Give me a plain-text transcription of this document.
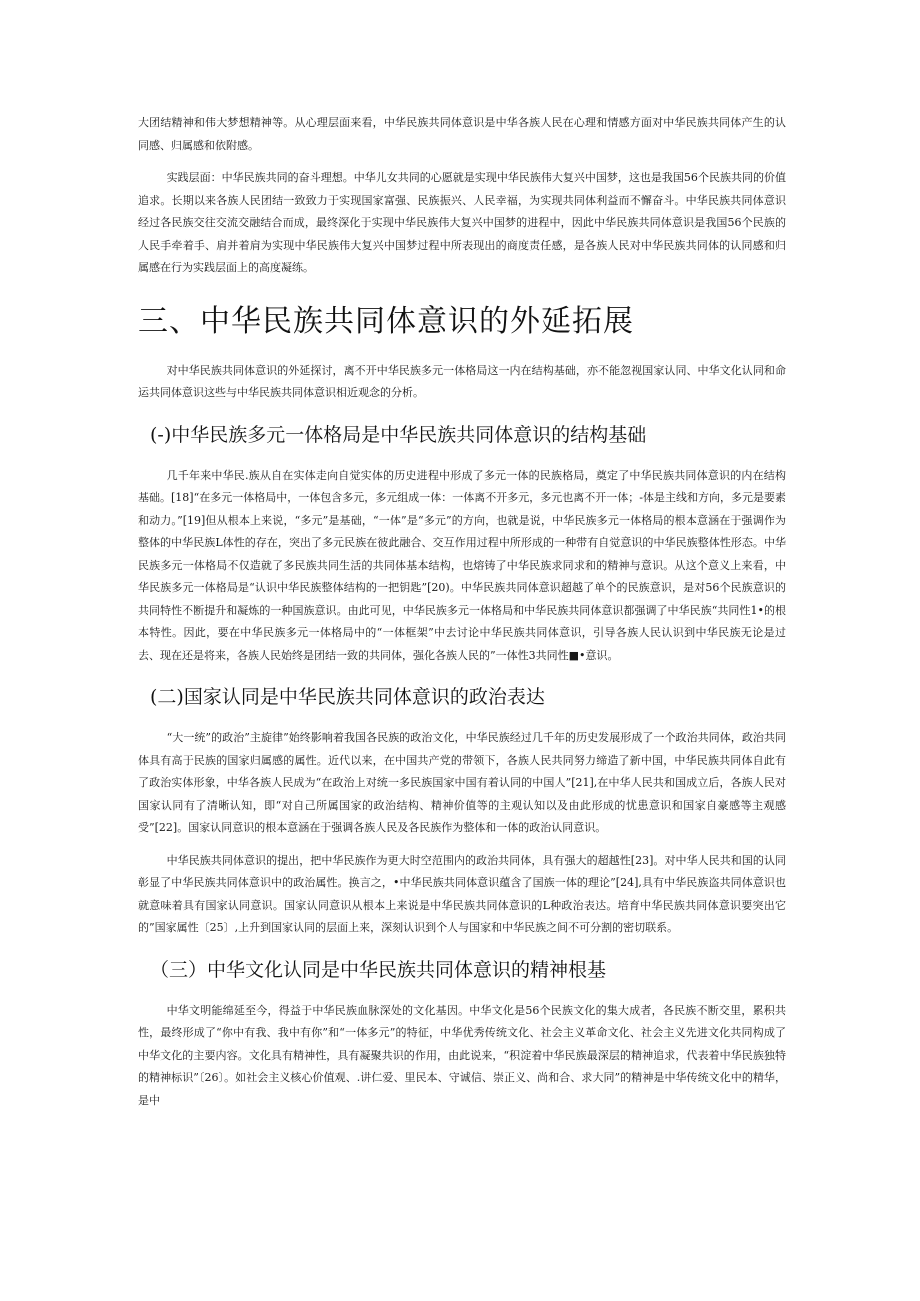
大团结精神和伟大梦想精神等。从心理层面来看，中华民族共同体意识是中华各族人民在心理和情感方面对中华民族共同体产生的认同感、归属感和依附感。

实践层面：中华民族共同的奋斗理想。中华儿女共同的心愿就是实现中华民族伟大复兴中国梦，这也是我国56个民族共同的价值追求。长期以来各族人民团结一致致力于实现国家富强、民族振兴、人民幸福，为实现共同体利益而不懈奋斗。中华民族共同体意识经过各民族交往交流交融结合而成，最终深化于实现中华民族伟大复兴中国梦的进程中，因此中华民族共同体意识是我国56个民族的人民手牵着手、肩并着肩为实现中华民族伟大复兴中国梦过程中所表现出的商度责任感，是各族人民对中华民族共同体的认同感和归属感在行为实践层面上的高度凝练。

三、中华民族共同体意识的外延拓展

对中华民族共同体意识的外延探讨，离不开中华民族多元一体格局这一内在结构基础，亦不能忽视国家认同、中华文化认同和命运共同体意识这些与中华民族共同体意识相近观念的分析。

(-)中华民族多元一体格局是中华民族共同体意识的结构基础

几千年来中华民.族从自在实体走向自觉实体的历史进程中形成了多元一体的民族格局，奠定了中华民族共同体意识的内在结构基础。[18]“在多元一体格局中，一体包含多元，多元组成一体：一体离不开多元，多元也离不开一体；-体是主线和方向，多元是要素和动力。”[19]但从根本上来说，“多元”是基础，“一体”是“多元”的方向，也就是说，中华民族多元一体格局的根本意涵在于强调作为整体的中华民族L体性的存在，突出了多元民族在彼此融合、交互作用过程中所形成的一种带有自觉意识的中华民族整体性形态。中华民族多元一体格局不仅造就了多民族共同生活的共同体基本结构，也熔铸了中华民族求同求和的精神与意识。从这个意义上来看，中华民族多元一体格局是“认识中华民族整体结构的一把钥匙”[20)。中华民族共同体意识超越了单个的民族意识，是对56个民族意识的共同特性不断提升和凝炼的一种国族意识。由此可见，中华民族多元一体格局和中华民族共同体意识都强调了中华民族“共同性1•的根本特性。因此，要在中华民族多元一体格局中的“一体框架”中去讨论中华民族共同体意识，引导各族人民认识到中华民族无论是过去、现在还是将来，各族人民始终是团结一致的共同体，强化各族人民的”一体性3共同性■•意识。

(二)国家认同是中华民族共同体意识的政治表达

“大一统”的政治”主旋律”始终影响着我国各民族的政治文化，中华民族经过几千年的历史发展形成了一个政治共同体，政治共同体具有高于民族的国家归属感的属性。近代以来，在中国共产党的带领下，各族人民共同努力缔造了新中国，中华民族共同体自此有了政治实体形象，中华各族人民成为“在政治上对统一多民族国家中国有着认同的中国人”[21],在中华人民共和国成立后，各族人民对国家认同有了清晰认知，即“对自己所属国家的政治结构、精神价值等的主观认知以及由此形成的忧患意识和国家自豪感等主观感受”[22]。国家认同意识的根本意涵在于强调各族人民及各民族作为整体和一体的政治认同意识。

中华民族共同体意识的提出，把中华民族作为更大时空范围内的政治共同体，具有强大的超越性[23]。对中华人民共和国的认同彰显了中华民族共同体意识中的政治属性。换言之，•中华民族共同体意识蕴含了国族一体的理论”[24],具有中华民族盗共同体意识也就意味着具有国家认同意识。国家认同意识从根本上来说是中华民族共同体意识的L种政治表达。培育中华民族共同体意识要突出它的”国家属性〔25〕,上升到国家认同的层面上来，深刻认识到个人与国家和中华民族之间不可分割的密切联系。

（三）中华文化认同是中华民族共同体意识的精神根基

中华文明能绵延至今，得益于中华民族血脉深处的文化基因。中华文化是56个民族文化的集大成者，各民族不断交里，累积共性，最终形成了“你中有我、我中有你”和“一体多元”的特征，中华优秀传统文化、社会主义革命文化、社会主义先进文化共同构成了中华文化的主要内容。文化具有精神性，具有凝聚共识的作用，由此说来，“积淀着中华民族最深层的精神追求，代表着中华民族独特的精神标识”〔26〕。如社会主义核心价值观、.讲仁爱、里民本、守诚信、崇正义、尚和合、求大同”的精神是中华传统文化中的精华，是中
